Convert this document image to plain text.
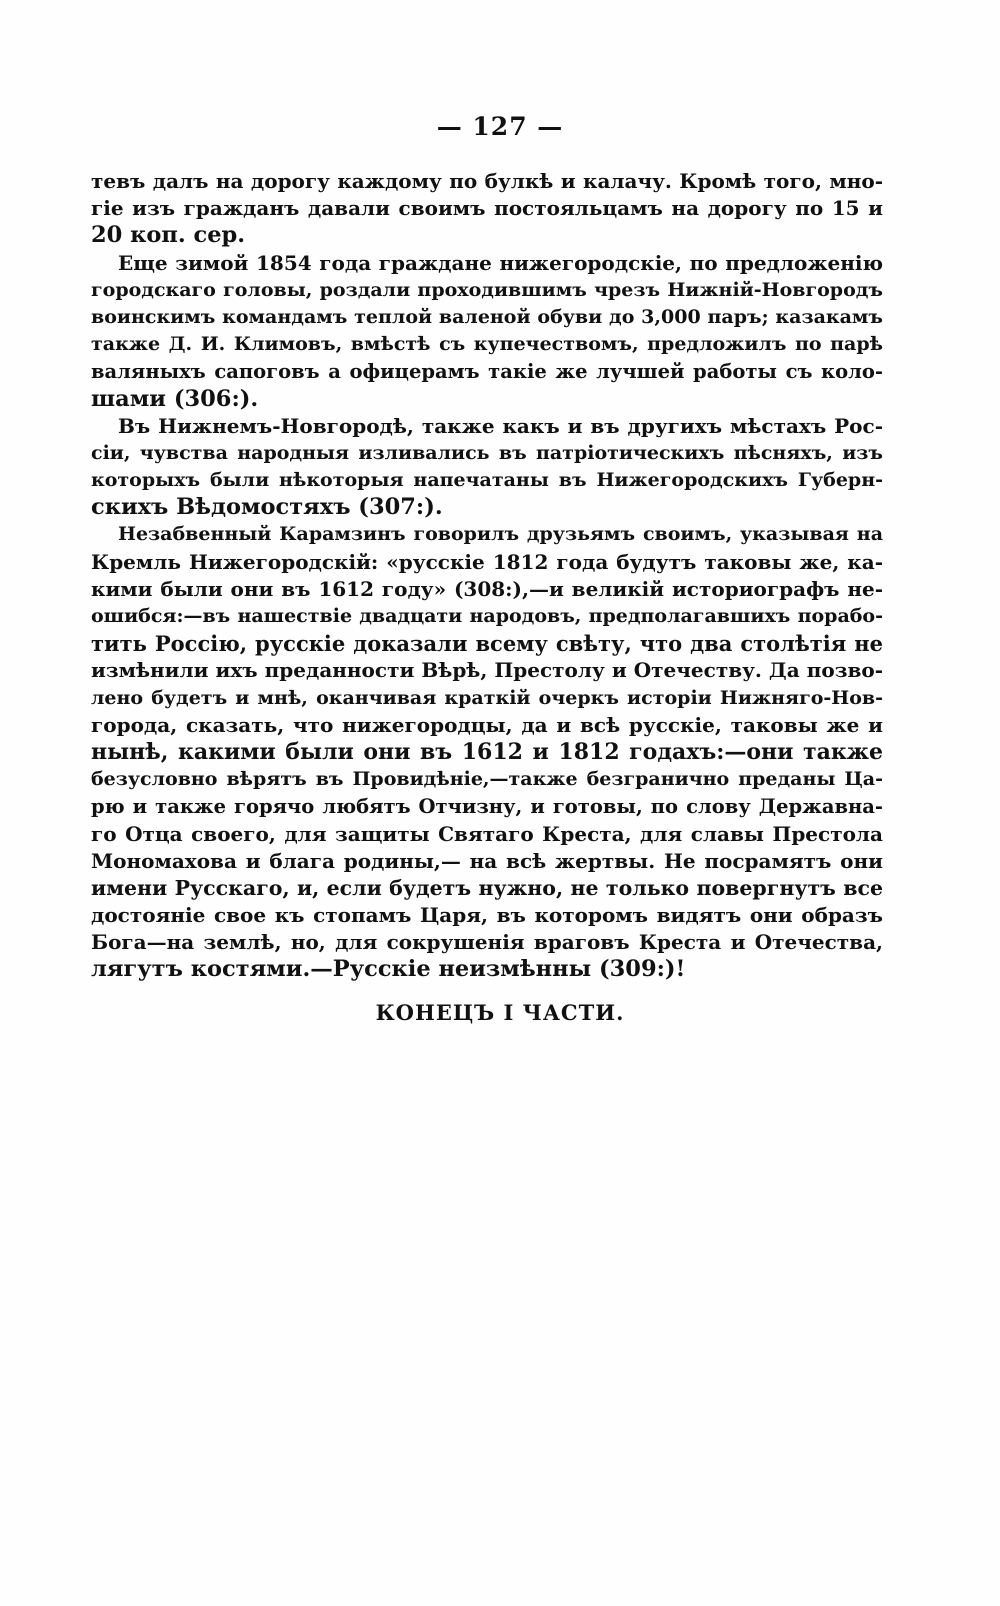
— 127 —
тевъ далъ на дорогу каждому по булкѣ и калачу. Кромѣ того, мно-
гіе изъ гражданъ давали своимъ постояльцамъ на дорогу по 15 и
20 коп. сер.
Еще зимой 1854 года граждане нижегородскіе, по предложенію
городскаго головы, роздали проходившимъ чрезъ Нижній-Новгородъ
воинскимъ командамъ теплой валеной обуви до 3,000 паръ; казакамъ
также Д. И. Климовъ, вмѣстѣ съ купечествомъ, предложилъ по парѣ
валяныхъ сапоговъ а офицерамъ такіе же лучшей работы съ коло-
шами (306:).
Въ Нижнемъ-Новгородѣ, также какъ и въ другихъ мѣстахъ Рос-
сіи, чувства народныя изливались въ патріотическихъ пѣсняхъ, изъ
которыхъ были нѣкоторыя напечатаны въ Нижегородскихъ Губерн-
скихъ Вѣдомостяхъ (307:).
Незабвенный Карамзинъ говорилъ друзьямъ своимъ, указывая на
Кремль Нижегородскій: «русскіе 1812 года будутъ таковы же, ка-
кими были они въ 1612 году» (308:),—и великій историографъ не-
ошибся:—въ нашествіе двадцати народовъ, предполагавшихъ порабо-
тить Россію, русскіе доказали всему свѣту, что два столѣтія не
измѣнили ихъ преданности Вѣрѣ, Престолу и Отечеству. Да позво-
лено будетъ и мнѣ, оканчивая краткій очеркъ исторіи Нижняго-Нов-
города, сказать, что нижегородцы, да и всѣ русскіе, таковы же и
нынѣ, какими были они въ 1612 и 1812 годахъ:—они также
безусловно вѣрятъ въ Провидѣніе,—также безгранично преданы Ца-
рю и также горячо любятъ Отчизну, и готовы, по слову Державна-
го Отца своего, для защиты Святаго Креста, для славы Престола
Мономахова и блага родины,— на всѣ жертвы. Не посрамятъ они
имени Русскаго, и, если будетъ нужно, не только повергнутъ все
достояніе свое къ стопамъ Царя, въ которомъ видятъ они образъ
Бога—на землѣ, но, для сокрушенія враговъ Креста и Отечества,
лягутъ костями.—Русскіе неизмѣнны (309:)!
КОНЕЦЪ I ЧАСТИ.
